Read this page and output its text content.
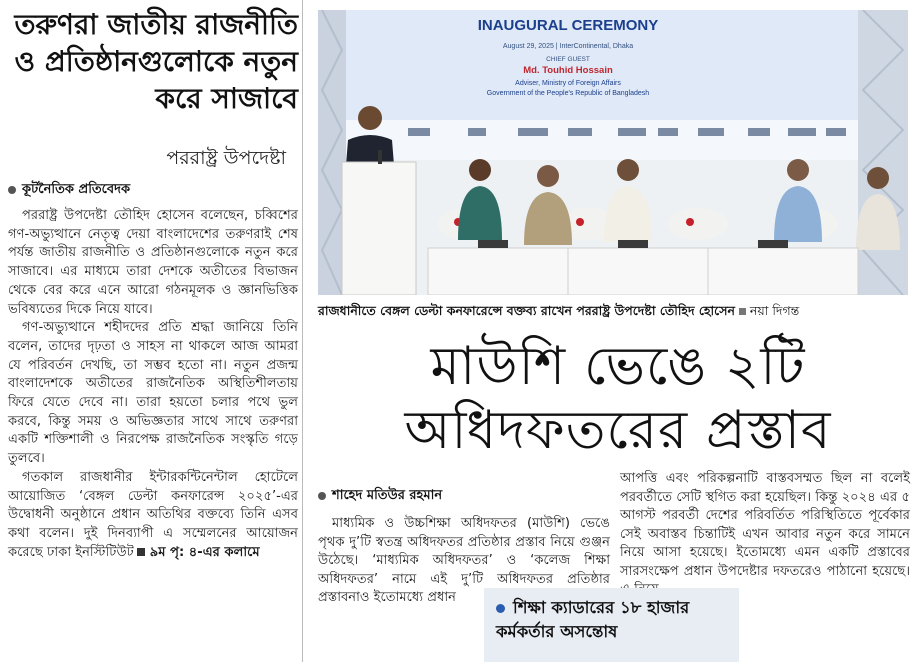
তরুণরা জাতীয় রাজনীতি ও প্রতিষ্ঠানগুলোকে নতুন করে সাজাবে
পররাষ্ট্র উপদেষ্টা
কূটনৈতিক প্রতিবেদক

পররাষ্ট্র উপদেষ্টা তৌহিদ হোসেন বলেছেন, চব্বিশের গণ-অভ্যুত্থানে নেতৃত্ব দেয়া বাংলাদেশের তরুণরাই শেষ পর্যন্ত জাতীয় রাজনীতি ও প্রতিষ্ঠানগুলোকে নতুন করে সাজাবে। এর মাধ্যমে তারা দেশকে অতীতের বিভাজন থেকে বের করে এনে আরো গঠনমূলক ও জ্ঞানভিত্তিক ভবিষ্যতের দিকে নিয়ে যাবে।

গণ-অভ্যুত্থানে শহীদদের প্রতি শ্রদ্ধা জানিয়ে তিনি বলেন, তাদের দৃঢ়তা ও সাহস না থাকলে আজ আমরা যে পরিবর্তন দেখছি, তা সম্ভব হতো না। নতুন প্রজন্ম বাংলাদেশকে অতীতের রাজনৈতিক অস্থিতিশীলতায় ফিরে যেতে দেবে না। তারা হয়তো চলার পথে ভুল করবে, কিন্তু সময় ও অভিজ্ঞতার সাথে সাথে তরুণরা একটি শক্তিশালী ও নিরপেক্ষ রাজনৈতিক সংস্কৃতি গড়ে তুলবে।

গতকাল রাজধানীর ইন্টারকন্টিনেন্টাল হোটেলে আয়োজিত ‘বেঙ্গল ডেল্টা কনফারেন্স ২০২৫’-এর উদ্বোধনী অনুষ্ঠানে প্রধান অতিথির বক্তব্যে তিনি এসব কথা বলেন। দুই দিনব্যাপী এ সম্মেলনের আয়োজন করেছে ঢাকা ইনস্টিটিউট ৯ম পৃ: ৪-এর কলামে

INAUGURAL CEREMONY
August 29, 2025 | InterContinental, Dhaka
CHIEF GUEST
Md. Touhid Hossain
Adviser, Ministry of Foreign Affairs
Government of the People's Republic of Bangladesh
রাজধানীতে বেঙ্গল ডেল্টা কনফারেন্সে বক্তব্য রাখেন পররাষ্ট্র উপদেষ্টা তৌহিদ হোসেন নয়া দিগন্ত
মাউশি ভেঙে ২টি
অধিদফতরের প্রস্তাব
শাহেদ মতিউর রহমান

মাধ্যমিক ও উচ্চশিক্ষা অধিদফতর (মাউশি) ভেঙে পৃথক দু’টি স্বতন্ত্র অধিদফতর প্রতিষ্ঠার প্রস্তাব নিয়ে গুঞ্জন উঠেছে। ‘মাধ্যমিক অধিদফতর’ ও ‘কলেজ শিক্ষা অধিদফতর’ নামে এই দু’টি অধিদফতর প্রতিষ্ঠার প্রস্তাবনাও ইতোমধ্যে প্রধান

আপত্তি এবং পরিকল্পনাটি বাস্তবসম্মত ছিল না বলেই পরবর্তীতে সেটি স্থগিত করা হয়েছিল। কিন্তু ২০২৪ এর ৫ আগস্ট পরবর্তী দেশের পরিবর্তিত পরিস্থিতিতে পূর্বেকার সেই অবাস্তব চিন্তাটিই এখন আবার নতুন করে সামনে নিয়ে আসা হয়েছে। ইতোমধ্যে এমন একটি প্রস্তাবের সারসংক্ষেপ প্রধান উপদেষ্টার দফতরেও পাঠানো হয়েছে।

শিক্ষা ক্যাডারের ১৮ হাজার কর্মকর্তার অসন্তোষ
